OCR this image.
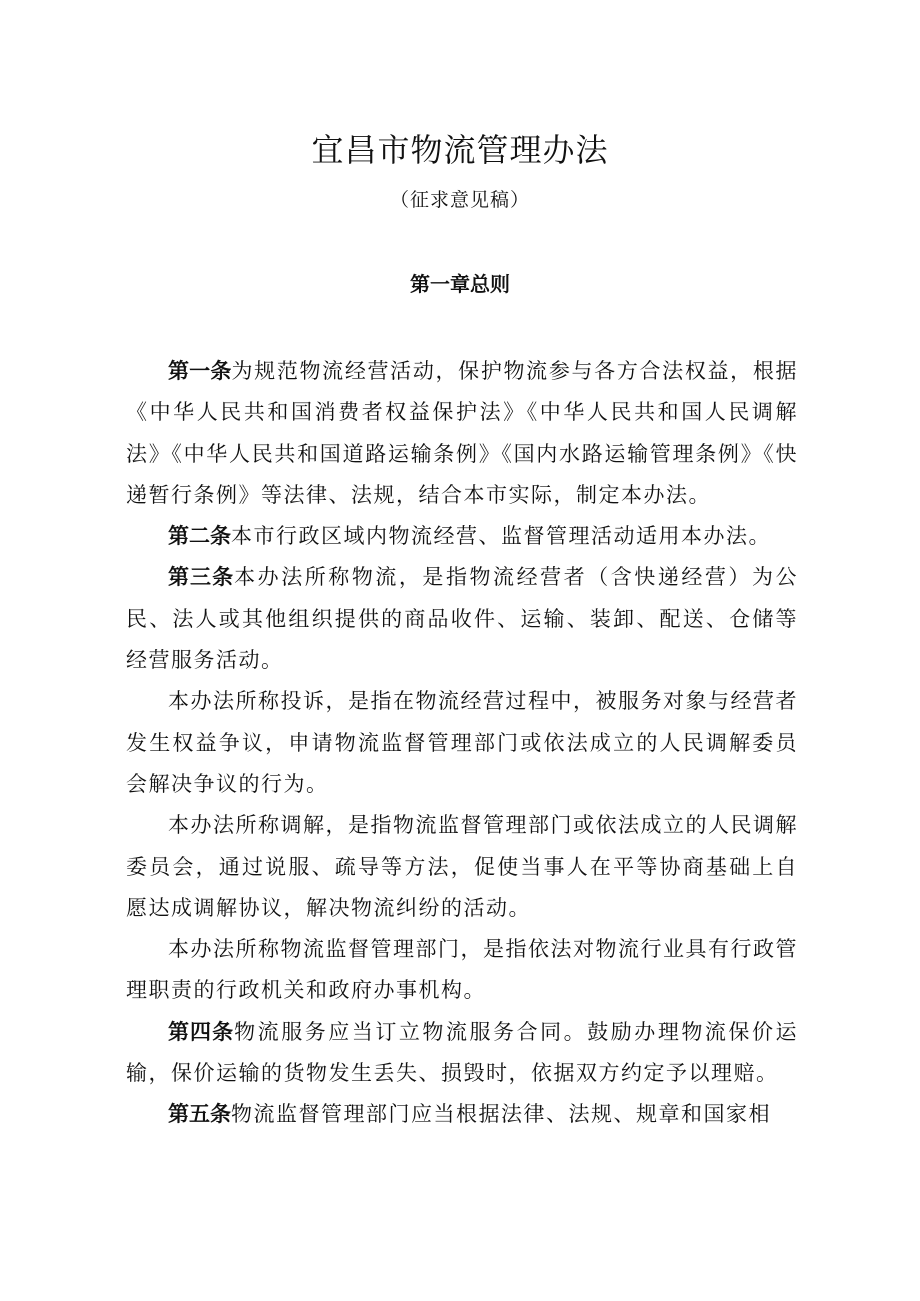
宜昌市物流管理办法

（征求意见稿）

第一章总则

第一条为规范物流经营活动，保护物流参与各方合法权益，根据《中华人民共和国消费者权益保护法》《中华人民共和国人民调解法》《中华人民共和国道路运输条例》《国内水路运输管理条例》《快递暂行条例》等法律、法规，结合本市实际，制定本办法。

第二条本市行政区域内物流经营、监督管理活动适用本办法。

第三条本办法所称物流，是指物流经营者（含快递经营）为公民、法人或其他组织提供的商品收件、运输、装卸、配送、仓储等经营服务活动。

本办法所称投诉，是指在物流经营过程中，被服务对象与经营者发生权益争议，申请物流监督管理部门或依法成立的人民调解委员会解决争议的行为。

本办法所称调解，是指物流监督管理部门或依法成立的人民调解委员会，通过说服、疏导等方法，促使当事人在平等协商基础上自愿达成调解协议，解决物流纠纷的活动。

本办法所称物流监督管理部门，是指依法对物流行业具有行政管理职责的行政机关和政府办事机构。

第四条物流服务应当订立物流服务合同。鼓励办理物流保价运输，保价运输的货物发生丢失、损毁时，依据双方约定予以理赔。

第五条物流监督管理部门应当根据法律、法规、规章和国家相
